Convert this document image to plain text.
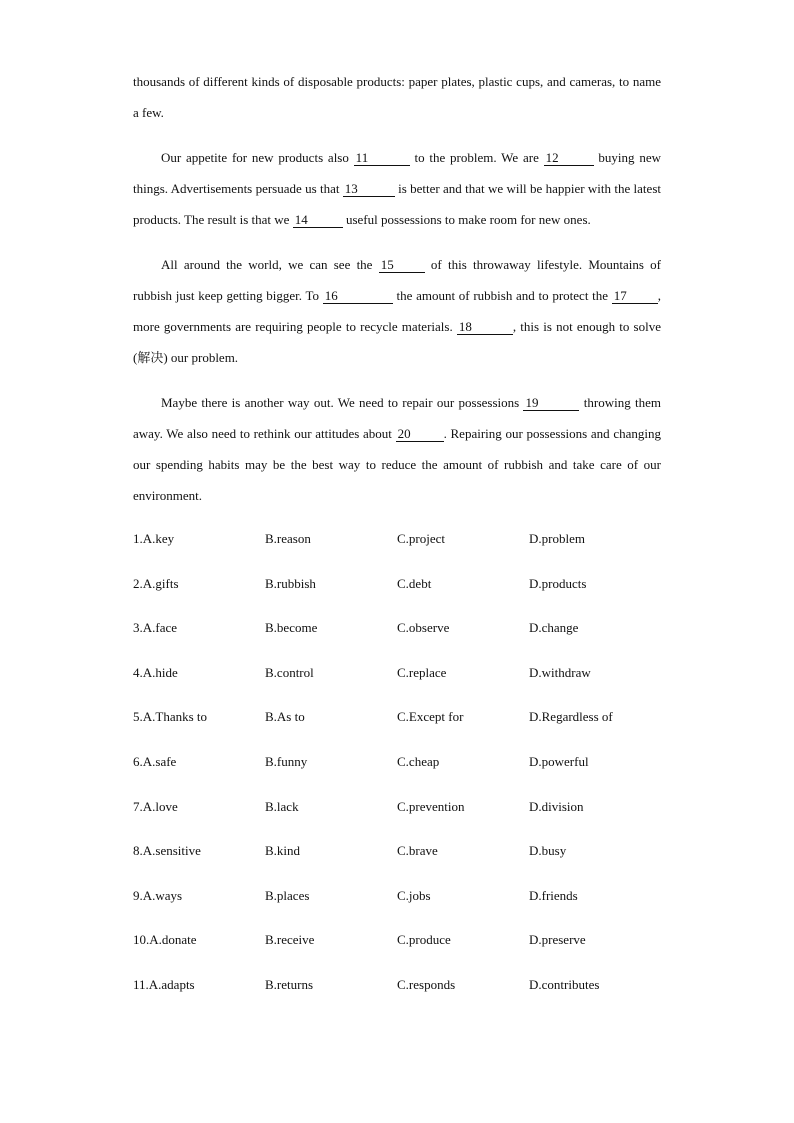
thousands of different kinds of disposable products: paper plates, plastic cups, and cameras, to name a few.

Our appetite for new products also 11	to the problem. We are 12	buying new things. Advertisements persuade us that 13	is better and that we will be happier with the latest products. The result is that we 14	useful possessions to make room for new ones.

All around the world, we can see the 15 of this throwaway lifestyle. Mountains of rubbish just keep getting bigger. To 16	the amount of rubbish and to protect the 17 , more governments are requiring people to recycle materials. 18	, this is not enough to solve (解决) our problem.

Maybe there is another way out. We need to repair our possessions 19	throwing them away. We also need to rethink our attitudes about 20	. Repairing our possessions and changing our spending habits may be the best way to reduce the amount of rubbish and take care of our environment.

1.A.key	B.reason	C.project	D.problem
2.A.gifts	B.rubbish	C.debt	D.products
3.A.face	B.become	C.observe	D.change
4.A.hide	B.control	C.replace	D.withdraw
5.A.Thanks to	B.As to	C.Except for	D.Regardless of
6.A.safe	B.funny	C.cheap	D.powerful
7.A.love	B.lack	C.prevention	D.division
8.A.sensitive	B.kind	C.brave	D.busy
9.A.ways	B.places	C.jobs	D.friends
10.A.donate	B.receive	C.produce	D.preserve
11.A.adapts	B.returns	C.responds	D.contributes
